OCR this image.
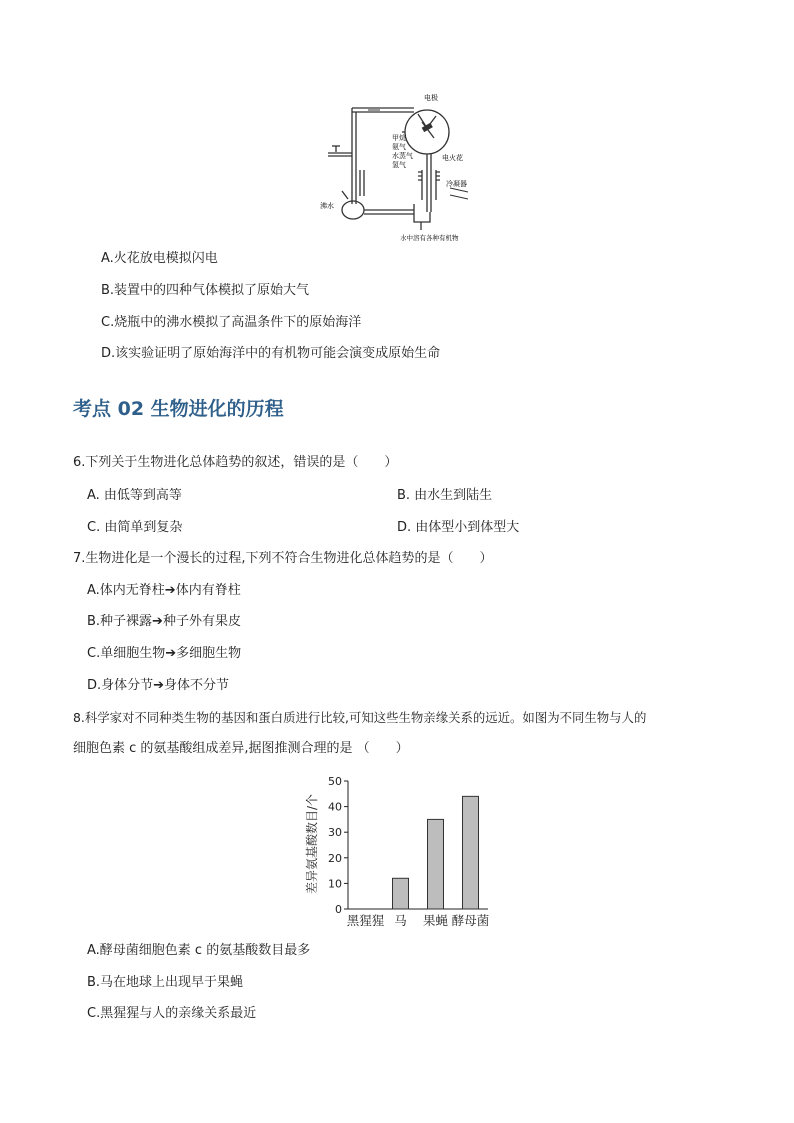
电极
甲烷
氨气
水蒸气
氢气
电火花
冷凝器
沸水
水中溶有各种有机物
A.火花放电模拟闪电
B.装置中的四种气体模拟了原始大气
C.烧瓶中的沸水模拟了高温条件下的原始海洋
D.该实验证明了原始海洋中的有机物可能会演变成原始生命
考点 02 生物进化的历程
6.下列关于生物进化总体趋势的叙述，错误的是（　　）
A. 由低等到高等	B. 由水生到陆生
C. 由简单到复杂	D. 由体型小到体型大
7.生物进化是一个漫长的过程,下列不符合生物进化总体趋势的是（　　）
A.体内无脊柱➔体内有脊柱
B.种子裸露➔种子外有果皮
C.单细胞生物➔多细胞生物
D.身体分节➔身体不分节
8.科学家对不同种类生物的基因和蛋白质进行比较,可知这些生物亲缘关系的远近。如图为不同生物与人的
细胞色素 c 的氨基酸组成差异,据图推测合理的是 （　　）
0
10
20
30
40
50
黑猩猩 马 果蝇 酵母菌
差异氨基酸数目/个
A.酵母菌细胞色素 c 的氨基酸数目最多
B.马在地球上出现早于果蝇
C.黑猩猩与人的亲缘关系最近
